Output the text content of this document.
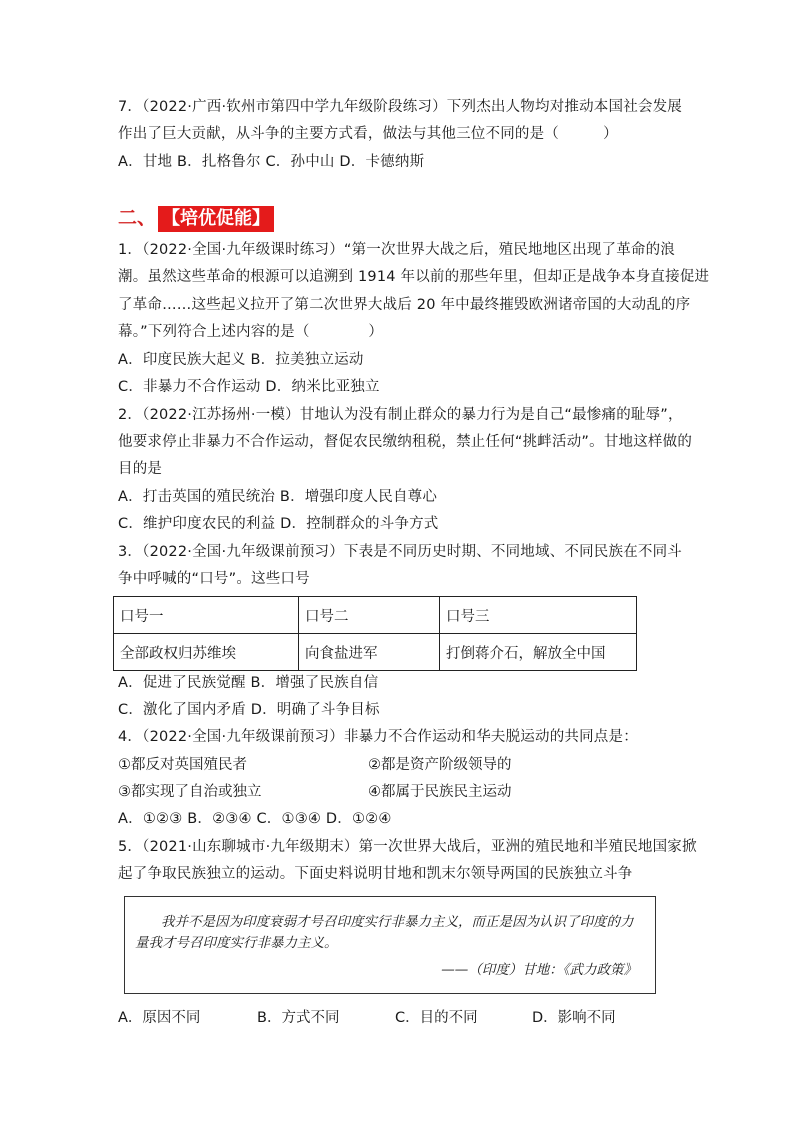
7．（2022·广西·钦州市第四中学九年级阶段练习）下列杰出人物均对推动本国社会发展
作出了巨大贡献，从斗争的主要方式看，做法与其他三位不同的是（　　　）
A．甘地 B．扎格鲁尔 C．孙中山 D．卡德纳斯
二、 【培优促能】
1．（2022·全国·九年级课时练习）“第一次世界大战之后，殖民地地区出现了革命的浪
潮。虽然这些革命的根源可以追溯到 1914 年以前的那些年里，但却正是战争本身直接促进
了革命……这些起义拉开了第二次世界大战后 20 年中最终摧毁欧洲诸帝国的大动乱的序
幕。”下列符合上述内容的是（　　　　）
A．印度民族大起义 B．拉美独立运动
C．非暴力不合作运动 D．纳米比亚独立
2．（2022·江苏扬州·一模）甘地认为没有制止群众的暴力行为是自己“最惨痛的耻辱”，
他要求停止非暴力不合作运动，督促农民缴纳租税，禁止任何“挑衅活动”。甘地这样做的
目的是
A．打击英国的殖民统治 B．增强印度人民自尊心
C．维护印度农民的利益 D．控制群众的斗争方式
3．（2022·全国·九年级课前预习）下表是不同历史时期、不同地域、不同民族在不同斗
争中呼喊的“口号”。这些口号
口号一	口号二	口号三
全部政权归苏维埃	向食盐进军	打倒蒋介石，解放全中国
A．促进了民族觉醒 B．增强了民族自信
C．激化了国内矛盾 D．明确了斗争目标
4．（2022·全国·九年级课前预习）非暴力不合作运动和华夫脱运动的共同点是：
①都反对英国殖民者	②都是资产阶级领导的
③都实现了自治或独立	④都属于民族民主运动
A．①②③ B．②③④ C．①③④ D．①②④
5．（2021·山东聊城市·九年级期末）第一次世界大战后，亚洲的殖民地和半殖民地国家掀
起了争取民族独立的运动。下面史料说明甘地和凯末尔领导两国的民族独立斗争
我并不是因为印度衰弱才号召印度实行非暴力主义，而正是因为认识了印度的力
量我才号召印度实行非暴力主义。
——（印度）甘地：《武力政策》
A．原因不同	B．方式不同	C．目的不同	D．影响不同
